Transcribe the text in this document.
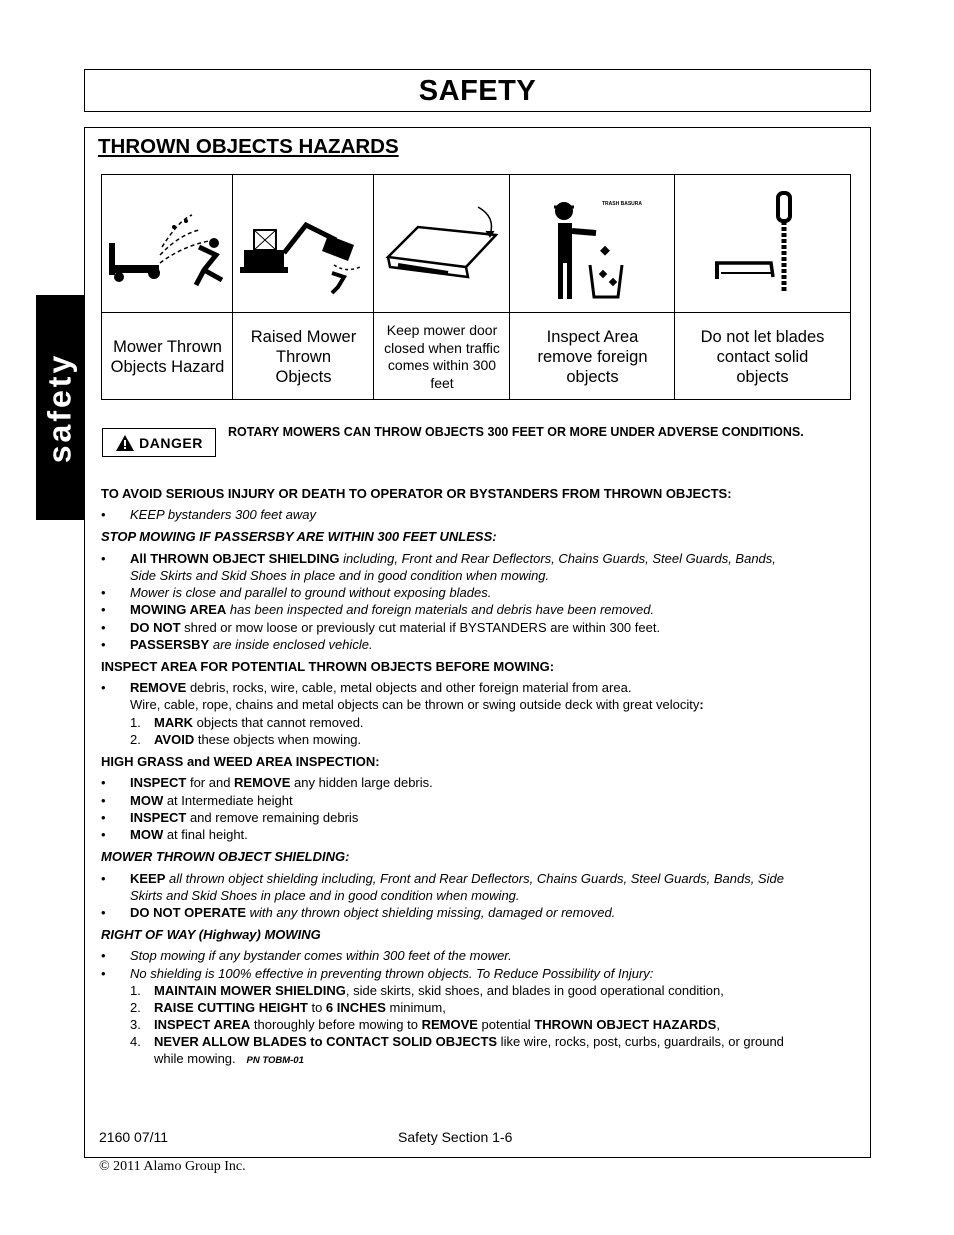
SAFETY
safety
THROWN OBJECTS HAZARDS
TRASH BASURA
Mower Thrown
Objects Hazard
Raised Mower
Thrown
Objects
Keep mower door
closed when traffic
comes within 300
feet
Inspect Area
remove foreign
objects
Do not let blades
contact solid
objects
DANGER
ROTARY MOWERS CAN THROW OBJECTS 300 FEET OR MORE UNDER ADVERSE CONDITIONS.
TO AVOID SERIOUS INJURY OR DEATH TO OPERATOR OR BYSTANDERS FROM THROWN OBJECTS:
• KEEP bystanders 300 feet away
STOP MOWING IF PASSERSBY ARE WITHIN 300 FEET UNLESS:
• All THROWN OBJECT SHIELDING including, Front and Rear Deflectors, Chains Guards, Steel Guards, Bands,
Side Skirts and Skid Shoes in place and in good condition when mowing.
• Mower is close and parallel to ground without exposing blades.
• MOWING AREA has been inspected and foreign materials and debris have been removed.
• DO NOT shred or mow loose or previously cut material if BYSTANDERS are within 300 feet.
• PASSERSBY are inside enclosed vehicle.
INSPECT AREA FOR POTENTIAL THROWN OBJECTS BEFORE MOWING:
• REMOVE debris, rocks, wire, cable, metal objects and other foreign material from area.
Wire, cable, rope, chains and metal objects can be thrown or swing outside deck with great velocity:
1. MARK objects that cannot removed.
2. AVOID these objects when mowing.
HIGH GRASS and WEED AREA INSPECTION:
• INSPECT for and REMOVE any hidden large debris.
• MOW at Intermediate height
• INSPECT and remove remaining debris
• MOW at final height.
MOWER THROWN OBJECT SHIELDING:
• KEEP all thrown object shielding including, Front and Rear Deflectors, Chains Guards, Steel Guards, Bands, Side
Skirts and Skid Shoes in place and in good condition when mowing.
• DO NOT OPERATE with any thrown object shielding missing, damaged or removed.
RIGHT OF WAY (Highway) MOWING
• Stop mowing if any bystander comes within 300 feet of the mower.
• No shielding is 100% effective in preventing thrown objects. To Reduce Possibility of Injury:
1. MAINTAIN MOWER SHIELDING, side skirts, skid shoes, and blades in good operational condition,
2. RAISE CUTTING HEIGHT to 6 INCHES minimum,
3. INSPECT AREA thoroughly before mowing to REMOVE potential THROWN OBJECT HAZARDS,
4. NEVER ALLOW BLADES to CONTACT SOLID OBJECTS like wire, rocks, post, curbs, guardrails, or ground
while mowing. PN TOBM-01
2160 07/11	Safety Section 1-6
© 2011 Alamo Group Inc.
